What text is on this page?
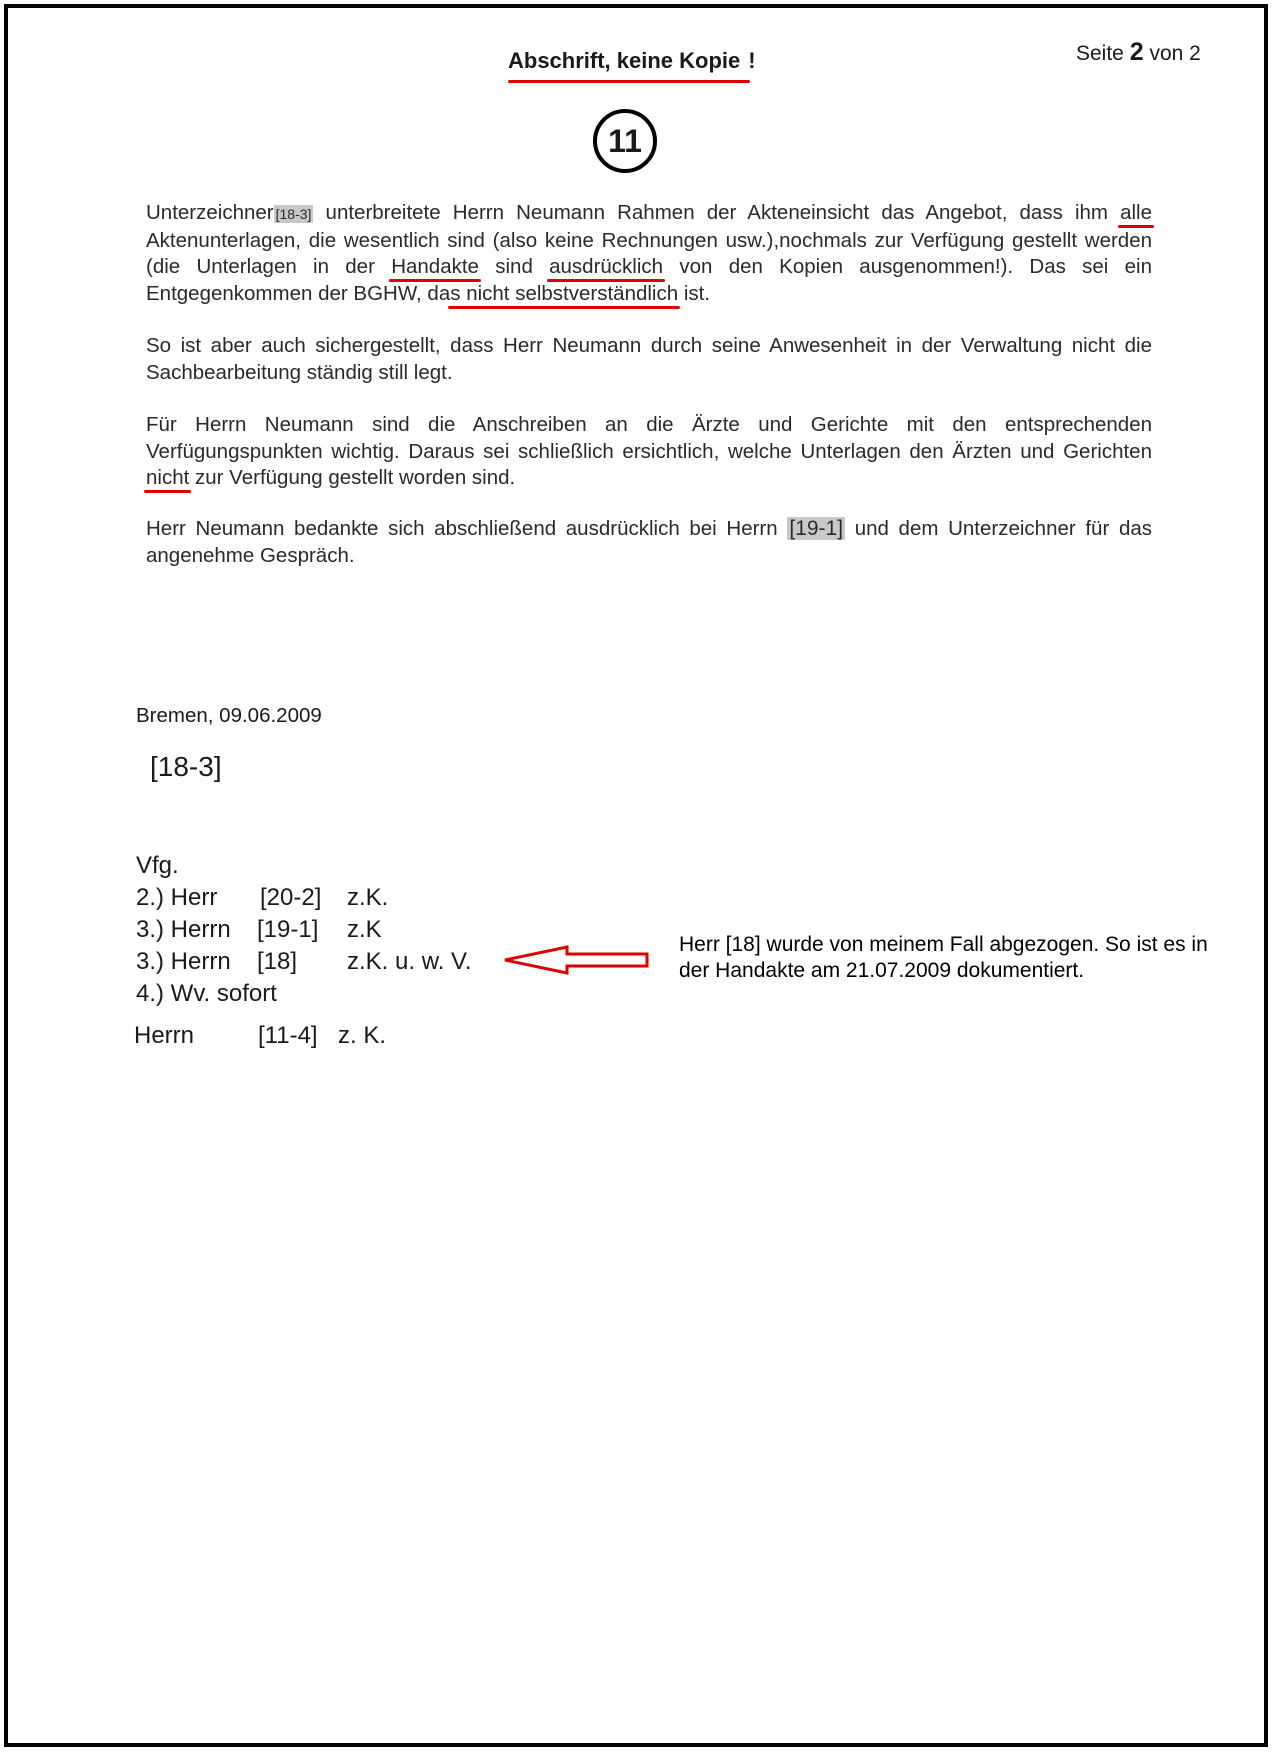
Abschrift, keine Kopie !	Seite 2 von 2
11

Unterzeichner [18-3] unterbreitete Herrn Neumann Rahmen der Akteneinsicht das Angebot, dass ihm alle Aktenunterlagen, die wesentlich sind (also keine Rechnungen usw.),nochmals zur Verfügung gestellt werden (die Unterlagen in der Handakte sind ausdrücklich von den Kopien ausgenommen!). Das sei ein Entgegenkommen der BGHW, das nicht selbstverständlich ist.

So ist aber auch sichergestellt, dass Herr Neumann durch seine Anwesenheit in der Verwaltung nicht die Sachbearbeitung ständig still legt.

Für Herrn Neumann sind die Anschreiben an die Ärzte und Gerichte mit den entsprechenden Verfügungspunkten wichtig. Daraus sei schließlich ersichtlich, welche Unterlagen den Ärzten und Gerichten nicht zur Verfügung gestellt worden sind.

Herr Neumann bedankte sich abschließend ausdrücklich bei Herrn [19-1] und dem Unterzeichner für das angenehme Gespräch.

Bremen, 09.06.2009
[18-3]
Vfg.
2.) Herr [20-2] z.K.
3.) Herrn [19-1] z.K
3.) Herrn [18] z.K. u. w. V.
4.) Wv. sofort
Herrn	[11-4] z. K.
Herr [18] wurde von meinem Fall abgezogen. So ist es in der Handakte am 21.07.2009 dokumentiert.
